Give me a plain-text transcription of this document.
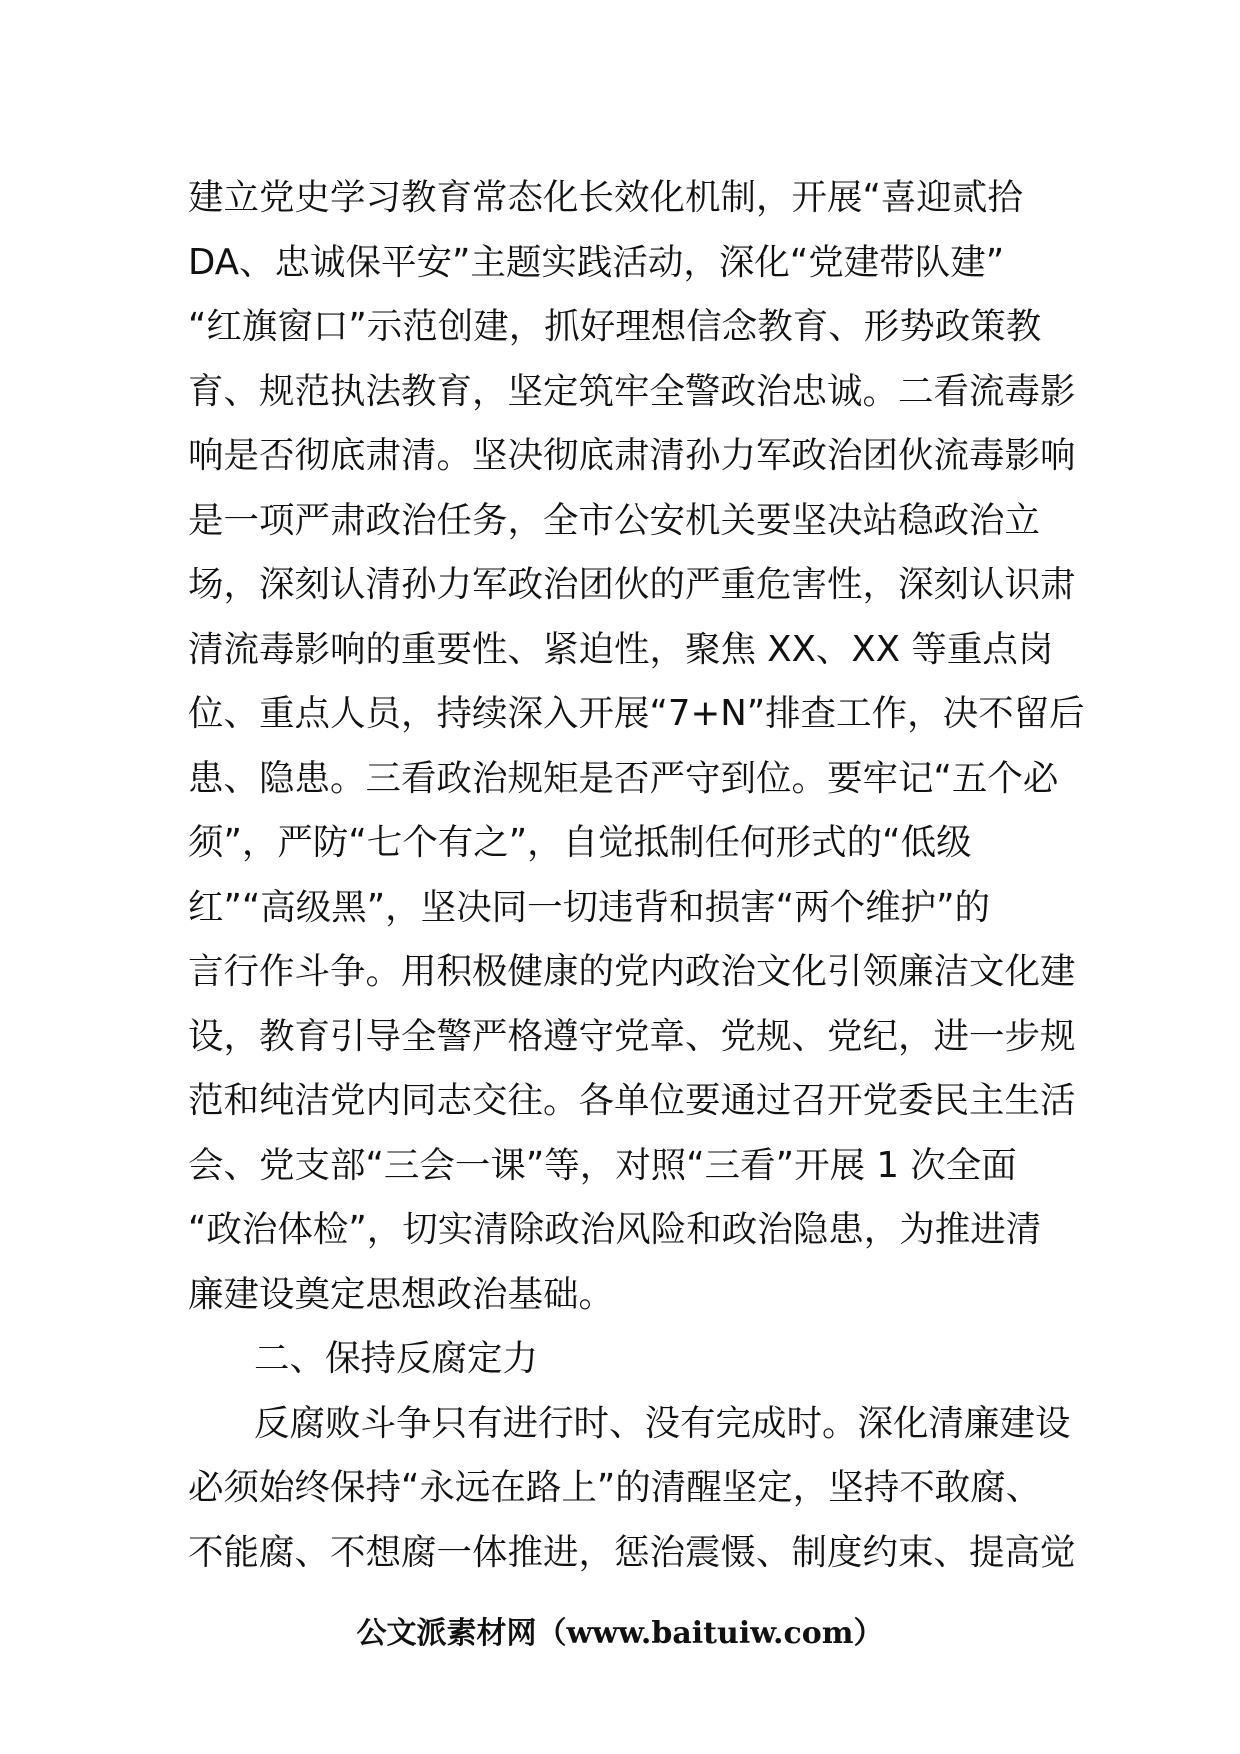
建立党史学习教育常态化长效化机制，开展“喜迎贰拾
DA、忠诚保平安”主题实践活动，深化“党建带队建”
“红旗窗口”示范创建，抓好理想信念教育、形势政策教
育、规范执法教育，坚定筑牢全警政治忠诚。二看流毒影
响是否彻底肃清。坚决彻底肃清孙力军政治团伙流毒影响
是一项严肃政治任务，全市公安机关要坚决站稳政治立
场，深刻认清孙力军政治团伙的严重危害性，深刻认识肃
清流毒影响的重要性、紧迫性，聚焦 XX、XX 等重点岗
位、重点人员，持续深入开展“7+N”排查工作，决不留后
患、隐患。三看政治规矩是否严守到位。要牢记“五个必
须”，严防“七个有之”，自觉抵制任何形式的“低级
红”“高级黑”，坚决同一切违背和损害“两个维护”的
言行作斗争。用积极健康的党内政治文化引领廉洁文化建
设，教育引导全警严格遵守党章、党规、党纪，进一步规
范和纯洁党内同志交往。各单位要通过召开党委民主生活
会、党支部“三会一课”等，对照“三看”开展 1 次全面
“政治体检”，切实清除政治风险和政治隐患，为推进清
廉建设奠定思想政治基础。
二、保持反腐定力
反腐败斗争只有进行时、没有完成时。深化清廉建设
必须始终保持“永远在路上”的清醒坚定，坚持不敢腐、
不能腐、不想腐一体推进，惩治震慑、制度约束、提高觉
公文派素材网（www.baituiw.com）
